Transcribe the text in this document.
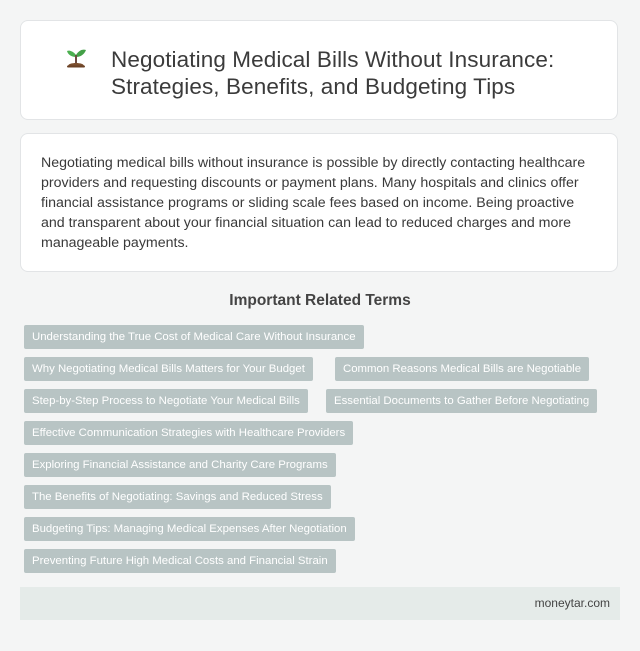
Negotiating Medical Bills Without Insurance: Strategies, Benefits, and Budgeting Tips

Negotiating medical bills without insurance is possible by directly contacting healthcare providers and requesting discounts or payment plans. Many hospitals and clinics offer financial assistance programs or sliding scale fees based on income. Being proactive and transparent about your financial situation can lead to reduced charges and more manageable payments.

Important Related Terms
Understanding the True Cost of Medical Care Without Insurance
Why Negotiating Medical Bills Matters for Your Budget	Common Reasons Medical Bills are Negotiable
Step-by-Step Process to Negotiate Your Medical Bills	Essential Documents to Gather Before Negotiating
Effective Communication Strategies with Healthcare Providers
Exploring Financial Assistance and Charity Care Programs
The Benefits of Negotiating: Savings and Reduced Stress
Budgeting Tips: Managing Medical Expenses After Negotiation
Preventing Future High Medical Costs and Financial Strain
moneytar.com
